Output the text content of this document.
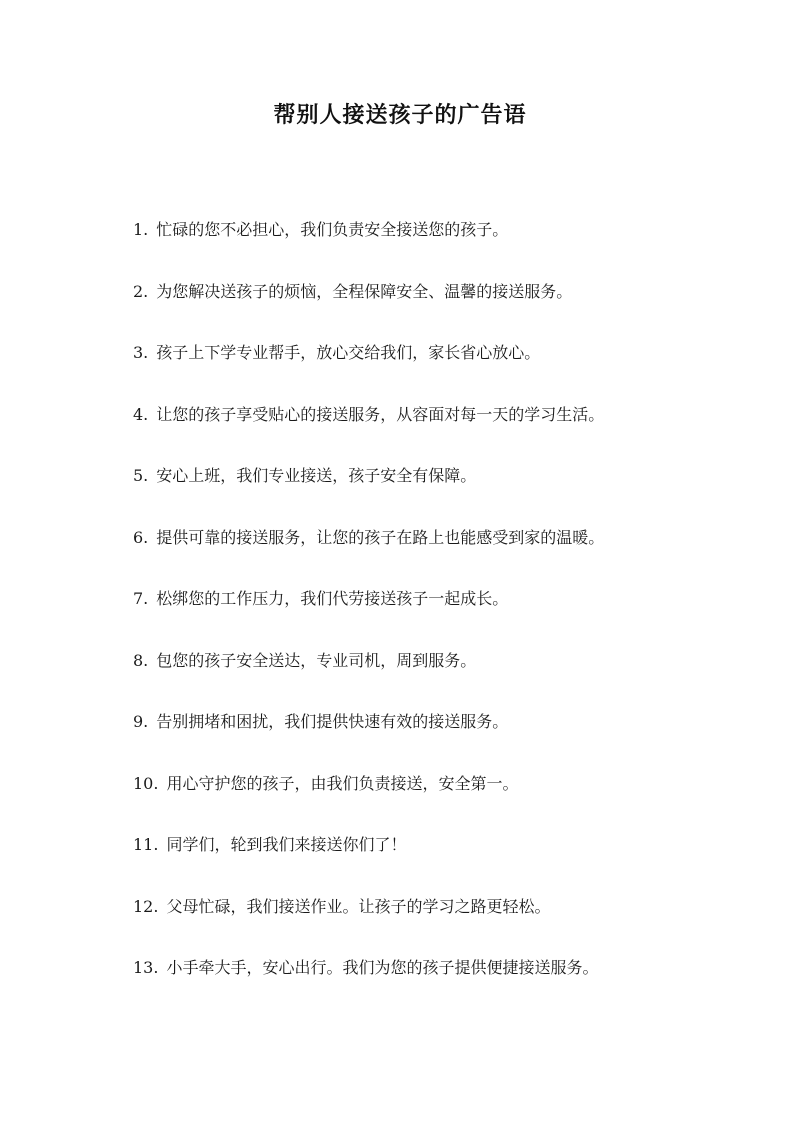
帮别人接送孩子的广告语
1. 忙碌的您不必担心，我们负责安全接送您的孩子。
2. 为您解决送孩子的烦恼，全程保障安全、温馨的接送服务。
3. 孩子上下学专业帮手，放心交给我们，家长省心放心。
4. 让您的孩子享受贴心的接送服务，从容面对每一天的学习生活。
5. 安心上班，我们专业接送，孩子安全有保障。
6. 提供可靠的接送服务，让您的孩子在路上也能感受到家的温暖。
7. 松绑您的工作压力，我们代劳接送孩子一起成长。
8. 包您的孩子安全送达，专业司机，周到服务。
9. 告别拥堵和困扰，我们提供快速有效的接送服务。
10. 用心守护您的孩子，由我们负责接送，安全第一。
11. 同学们，轮到我们来接送你们了！
12. 父母忙碌，我们接送作业。让孩子的学习之路更轻松。
13. 小手牵大手，安心出行。我们为您的孩子提供便捷接送服务。
